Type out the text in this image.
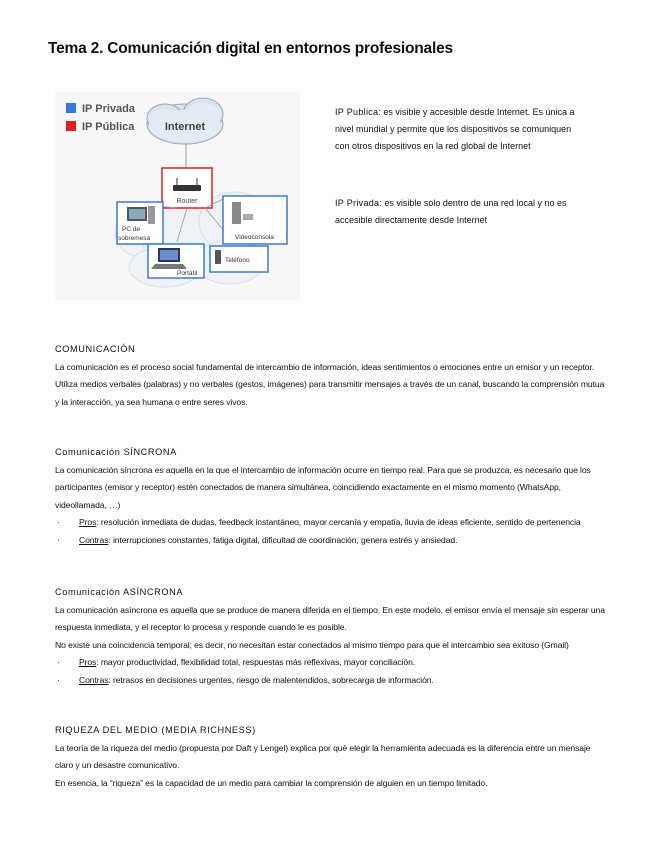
Tema 2. Comunicación digital en entornos profesionales
IP Privada
IP Pública	Internet
Router
PC de
sobremesa	Videoconsola
Portátil
Teléfono
IP Publica: es visible y accesible desde Internet. Es única a nivel mundial y permite que los dispositivos se comuniquen con otros dispositivos en la red global de Internet
IP Privada: es visible solo dentro de una red local y no es accesible directamente desde Internet
COMUNICACIÓN

La comunicación es el proceso social fundamental de intercambio de información, ideas sentimientos o emociones entre un emisor y un receptor.

Utiliza medios verbales (palabras) y no verbales (gestos, imágenes) para transmitir mensajes a través de un canal, buscando la comprensión mutua y la interacción, ya sea humana o entre seres vivos.

Comunicación SÍNCRONA

La comunicación síncrona es aquella en la que el intercambio de información ocurre en tiempo real. Para que se produzca, es necesario que los participantes (emisor y receptor) estén conectados de manera simultánea, coincidiendo exactamente en el mismo momento (WhatsApp, videollamada, …)

·	Pros: resolución inmediata de dudas, feedback instantáneo, mayor cercanía y empatía, lluvia de ideas eficiente, sentido de pertenencia
·	Contras: interrupciones constantes, fatiga digital, dificultad de coordinación, genera estrés y ansiedad.
Comunicación ASÍNCRONA

La comunicación asíncrona es aquella que se produce de manera diferida en el tiempo. En este modelo, el emisor envía el mensaje sin esperar una respuesta inmediata, y el receptor lo procesa y responde cuando le es posible.

No existe una coincidencia temporal; es decir, no necesitan estar conectados al mismo tiempo para que el intercambio sea exitoso (Gmail)

·	Pros: mayor productividad, flexibilidad total, respuestas más reflexivas, mayor conciliación.
·	Contras: retrasos en decisiones urgentes, riesgo de malentendidos, sobrecarga de información.
RIQUEZA DEL MEDIO (MEDIA RICHNESS)

La teoría de la riqueza del medio (propuesta por Daft y Lengel) explica por qué elegir la herramienta adecuada es la diferencia entre un mensaje claro y un desastre comunicativo.

En esencia, la “riqueza” es la capacidad de un medio para cambiar la comprensión de alguien en un tiempo limitado.
